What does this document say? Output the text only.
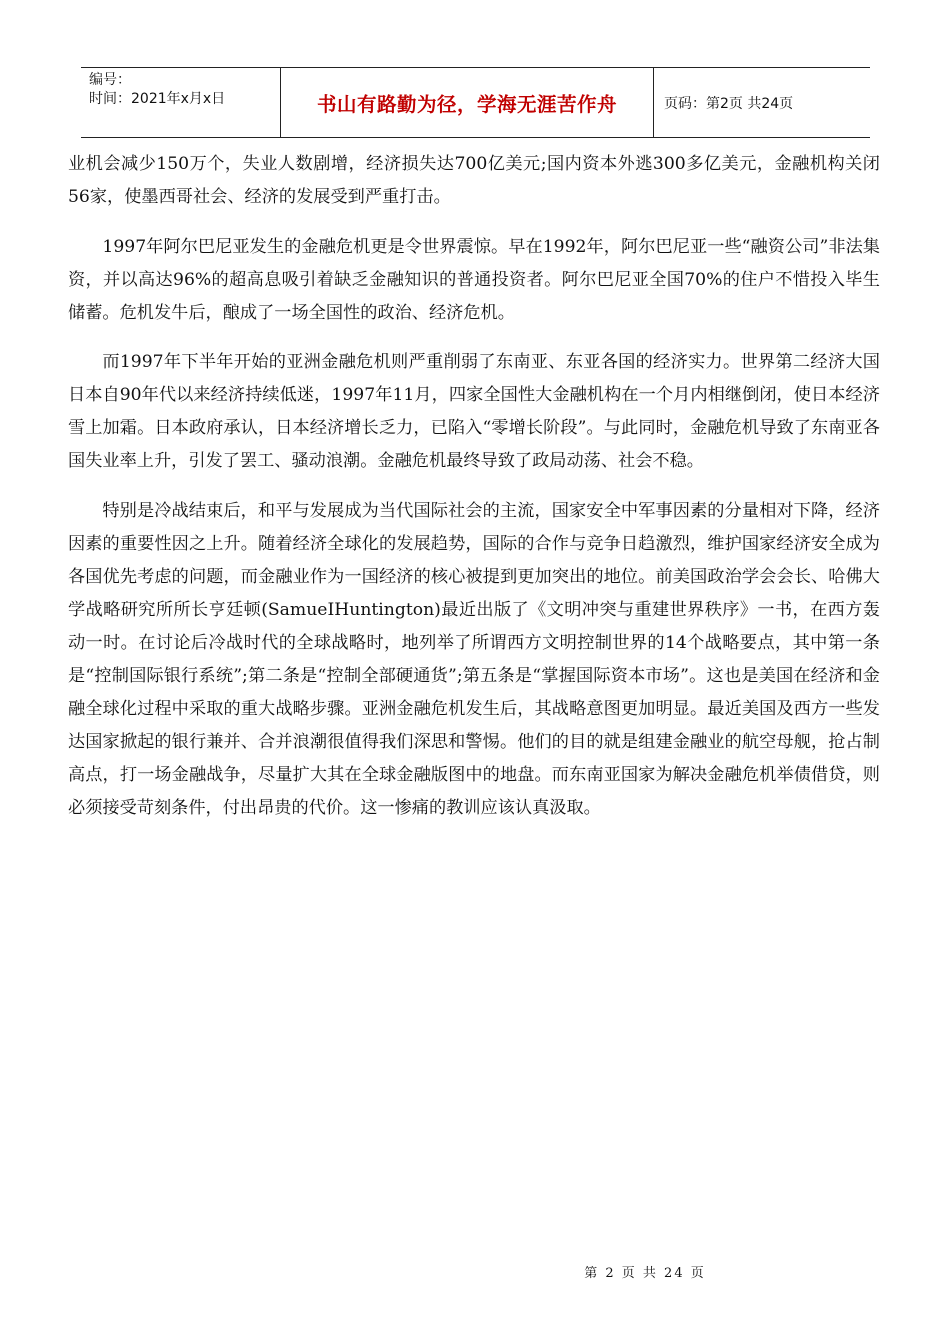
编号：
时间：2021年x月x日	书山有路勤为径，学海无涯苦作舟	页码：第2页 共24页

业机会减少150万个，失业人数剧增，经济损失达700亿美元;国内资本外逃300多亿美元，金融机构关闭56家，使墨西哥社会、经济的发展受到严重打击。

1997年阿尔巴尼亚发生的金融危机更是令世界震惊。早在1992年，阿尔巴尼亚一些“融资公司”非法集资，并以高达96%的超高息吸引着缺乏金融知识的普通投资者。阿尔巴尼亚全国70%的住户不惜投入毕生储蓄。危机发牛后，酿成了一场全国性的政治、经济危机。

而1997年下半年开始的亚洲金融危机则严重削弱了东南亚、东亚各国的经济实力。世界第二经济大国日本自90年代以来经济持续低迷，1997年11月，四家全国性大金融机构在一个月内相继倒闭，使日本经济雪上加霜。日本政府承认，日本经济增长乏力，已陷入“零增长阶段”。与此同时，金融危机导致了东南亚各国失业率上升，引发了罢工、骚动浪潮。金融危机最终导致了政局动荡、社会不稳。

特别是冷战结束后，和平与发展成为当代国际社会的主流，国家安全中军事因素的分量相对下降，经济因素的重要性因之上升。随着经济全球化的发展趋势，国际的合作与竞争日趋激烈，维护国家经济安全成为各国优先考虑的问题，而金融业作为一国经济的核心被提到更加突出的地位。前美国政治学会会长、哈佛大学战略研究所所长亨廷顿(SamueIHuntington)最近出版了《文明冲突与重建世界秩序》一书，在西方轰动一时。在讨论后冷战时代的全球战略时，地列举了所谓西方文明控制世界的14个战略要点，其中第一条是“控制国际银行系统”;第二条是“控制全部硬通货”;第五条是“掌握国际资本市场”。这也是美国在经济和金融全球化过程中采取的重大战略步骤。亚洲金融危机发生后，其战略意图更加明显。最近美国及西方一些发达国家掀起的银行兼并、合并浪潮很值得我们深思和警惕。他们的目的就是组建金融业的航空母舰，抢占制高点，打一场金融战争，尽量扩大其在全球金融版图中的地盘。而东南亚国家为解决金融危机举债借贷，则必须接受苛刻条件，付出昂贵的代价。这一惨痛的教训应该认真汲取。

第 2 页 共 24 页
